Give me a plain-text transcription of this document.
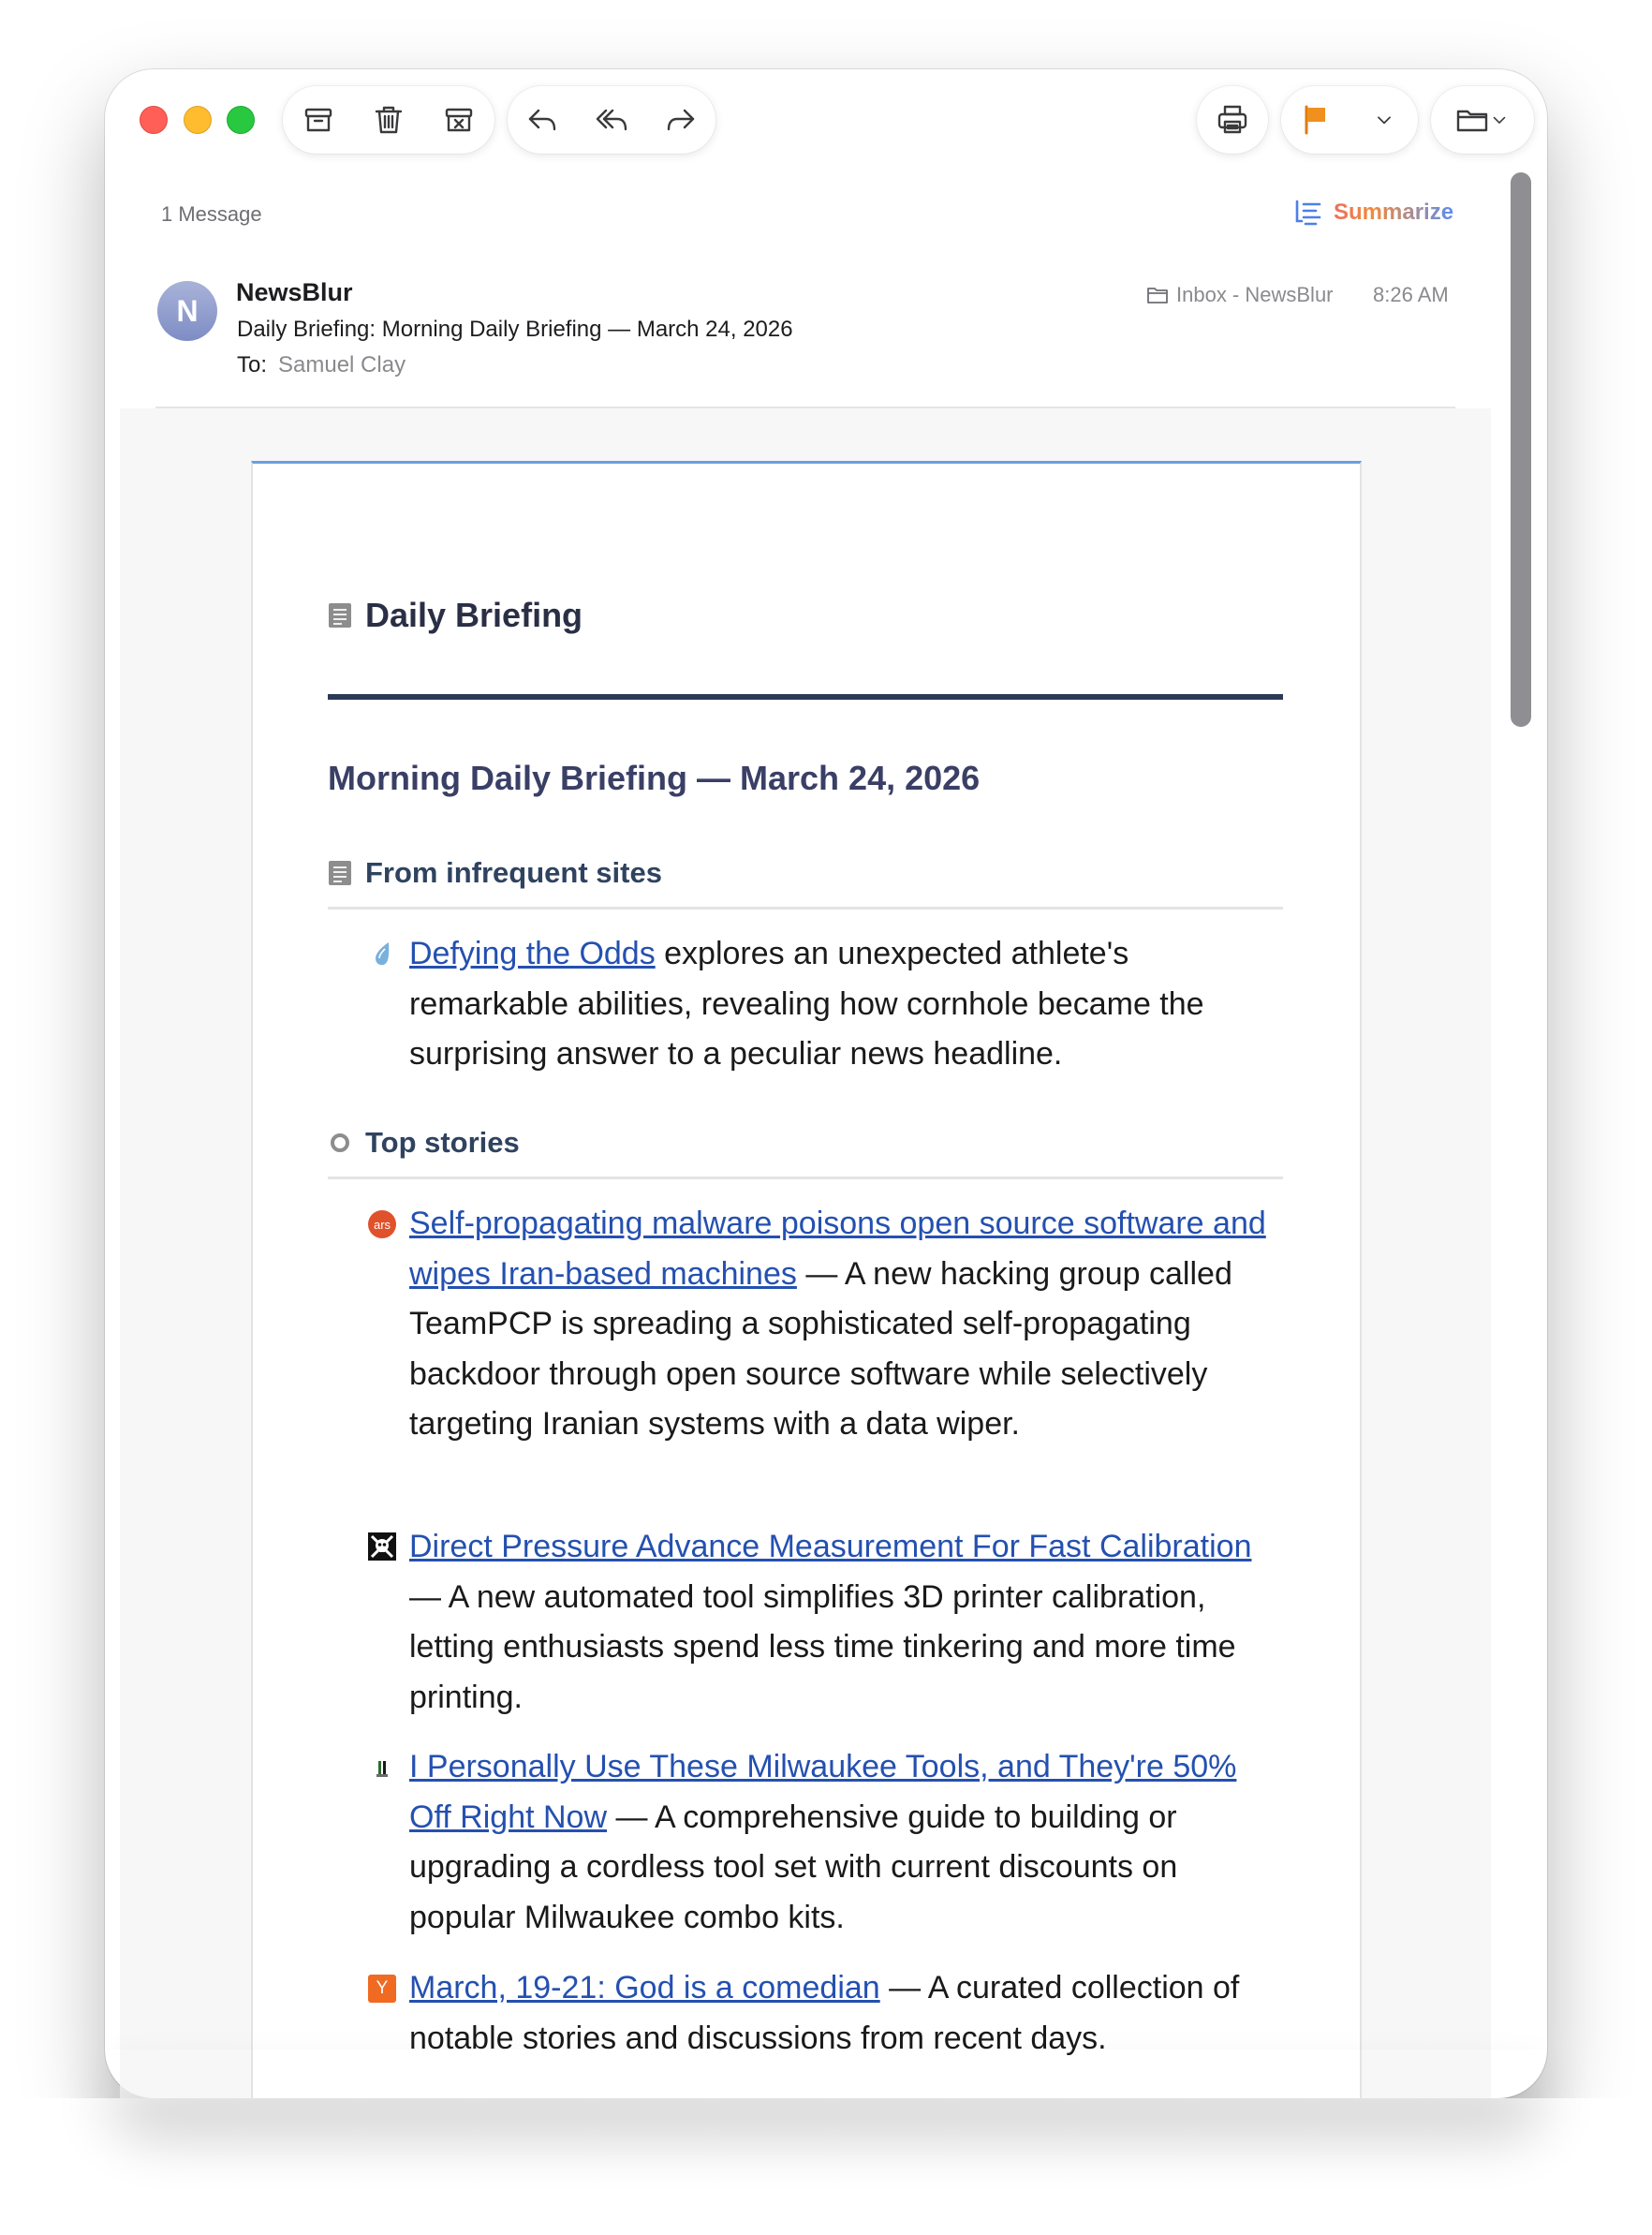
1 Message	Summarize
N
NewsBlur
Daily Briefing: Morning Daily Briefing — March 24, 2026
To: Samuel Clay
Inbox - NewsBlur 8:26 AM
Daily Briefing
Morning Daily Briefing — March 24, 2026
From infrequent sites
Defying the Odds explores an unexpected athlete's remarkable abilities, revealing how cornhole became the surprising answer to a peculiar news headline.
Top stories
ars Self-propagating malware poisons open source software and wipes Iran-based machines — A new hacking group called TeamPCP is spreading a sophisticated self-propagating backdoor through open source software while selectively targeting Iranian systems with a data wiper.
Direct Pressure Advance Measurement For Fast Calibration — A new automated tool simplifies 3D printer calibration, letting enthusiasts spend less time tinkering and more time printing.
I Personally Use These Milwaukee Tools, and They're 50% Off Right Now — A comprehensive guide to building or upgrading a cordless tool set with current discounts on popular Milwaukee combo kits.
Y March, 19-21: God is a comedian — A curated collection of notable stories and discussions from recent days.
